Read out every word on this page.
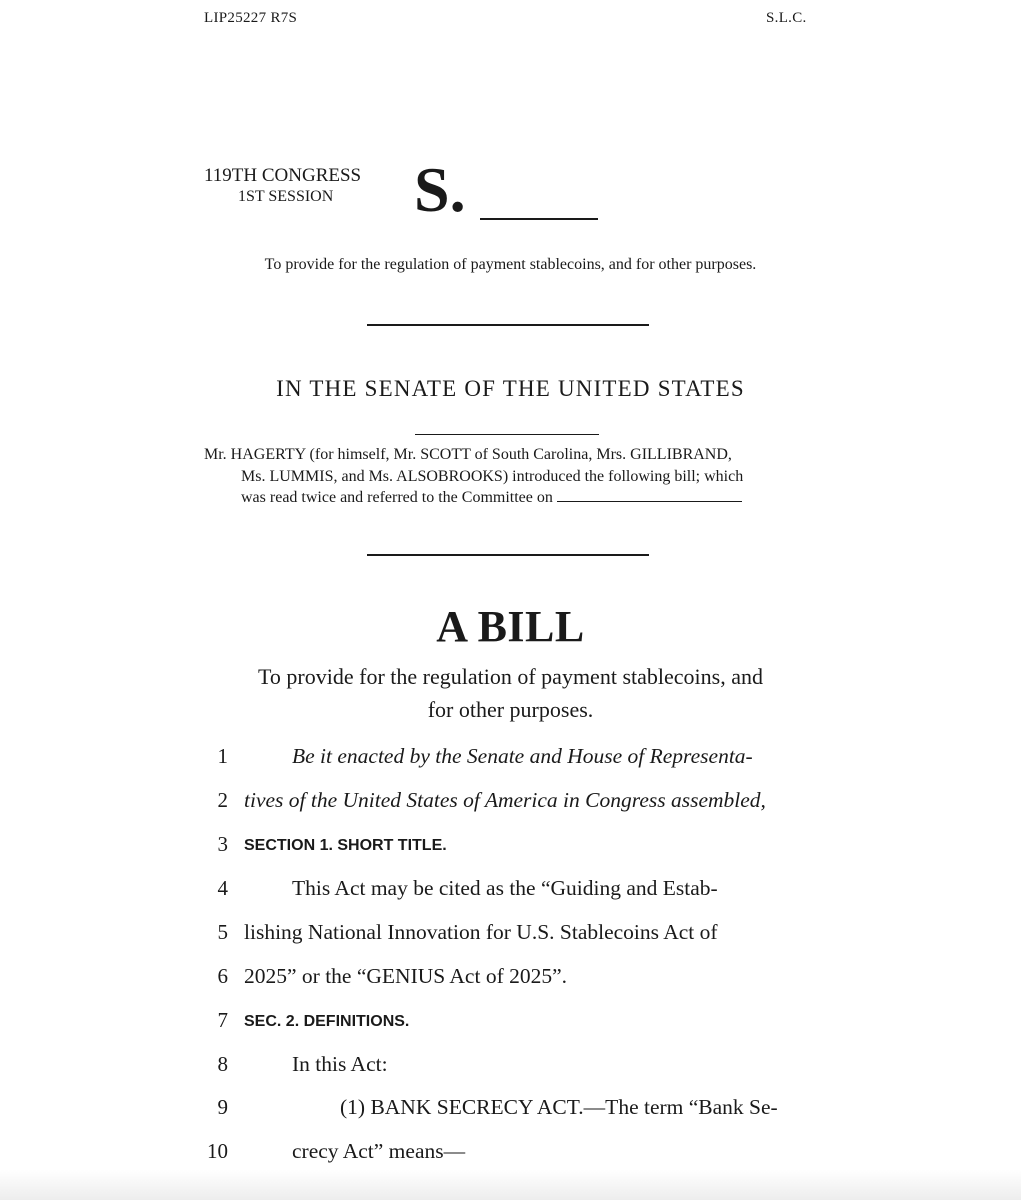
LIP25227 R7S	S.L.C.
119TH CONGRESS
1ST SESSION S.
To provide for the regulation of payment stablecoins, and for other purposes.
IN THE SENATE OF THE UNITED STATES
Mr. HAGERTY (for himself, Mr. SCOTT of South Carolina, Mrs. GILLIBRAND,
Ms. LUMMIS, and Ms. ALSOBROOKS) introduced the following bill; which
was read twice and referred to the Committee on
A BILL
To provide for the regulation of payment stablecoins, and
for other purposes.
1	Be it enacted by the Senate and House of Representa-
2 tives of the United States of America in Congress assembled,
3 SECTION 1. SHORT TITLE.
4	This Act may be cited as the “Guiding and Estab-
5 lishing National Innovation for U.S. Stablecoins Act of
6 2025” or the “GENIUS Act of 2025”.
7 SEC. 2. DEFINITIONS.
8	In this Act:
9	(1) BANK SECRECY ACT.—The term “Bank Se-
10	crecy Act” means—
